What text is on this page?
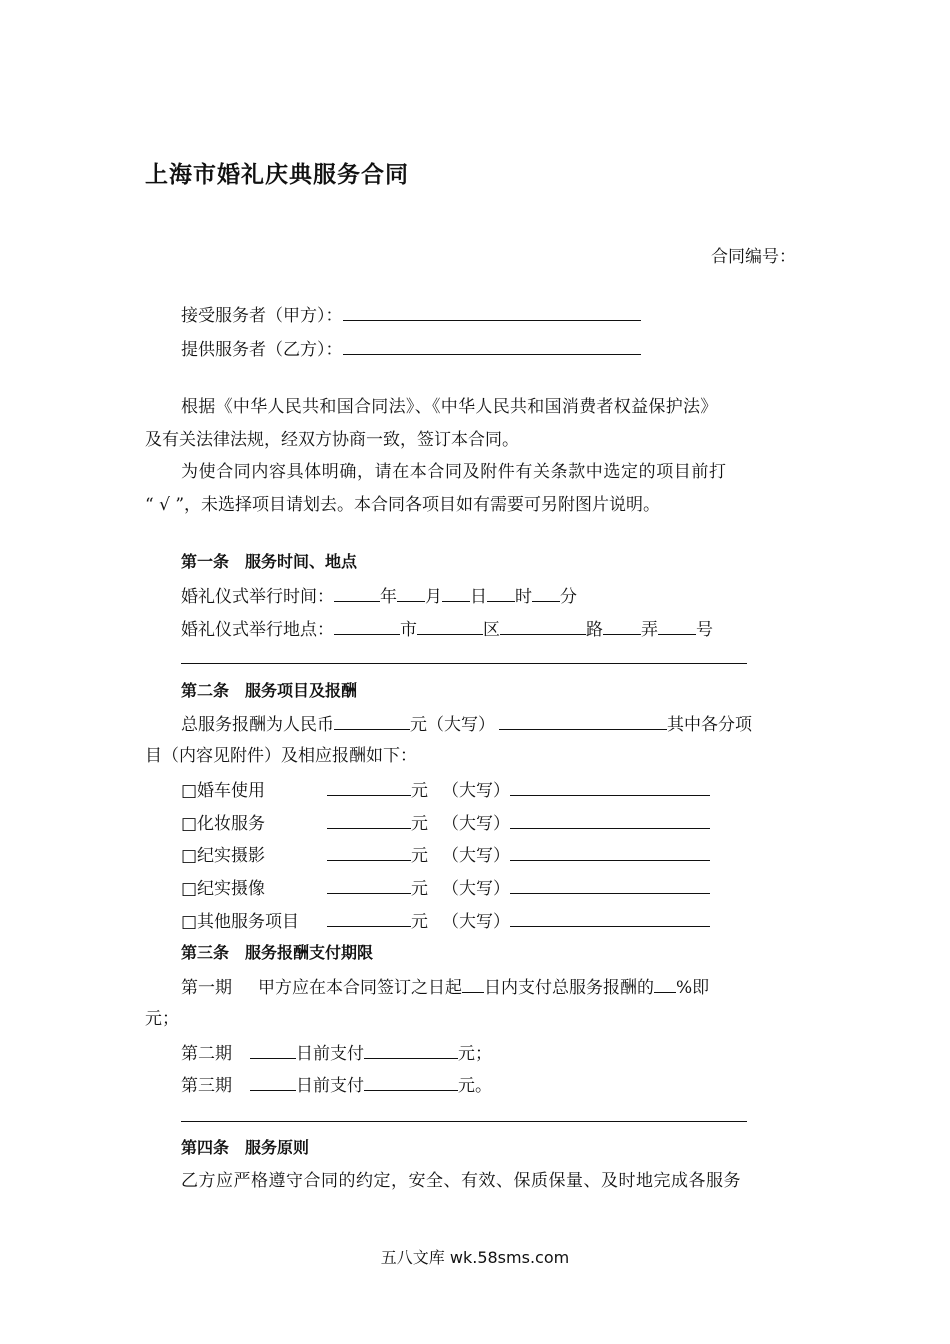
上海市婚礼庆典服务合同
合同编号：
接受服务者（甲方）：
提供服务者（乙方）：
根据《中华人民共和国合同法》、《中华人民共和国消费者权益保护法》
及有关法律法规，经双方协商一致，签订本合同。
为使合同内容具体明确，请在本合同及附件有关条款中选定的项目前打
“ √ ”，未选择项目请划去。本合同各项目如有需要可另附图片说明。
第一条　服务时间、地点
婚礼仪式举行时间：	年 月 日 时 分
婚礼仪式举行地点：	市	区	路 弄 号
第二条　服务项目及报酬
总服务报酬为人民币	元（大写）	其中各分项
目（内容见附件）及相应报酬如下：
□婚车使用	元 （大写）
□化妆服务	元 （大写）
□纪实摄影	元 （大写）
□纪实摄像	元 （大写）
□其他服务项目	元 （大写）
第三条　服务报酬支付期限
第一期 甲方应在本合同签订之日起 日内支付总服务报酬的 %即
元；
第二期	日前支付	元；
第三期	日前支付	元。
第四条　服务原则
乙方应严格遵守合同的约定，安全、有效、保质保量、及时地完成各服务
五八文库 wk.58sms.com
